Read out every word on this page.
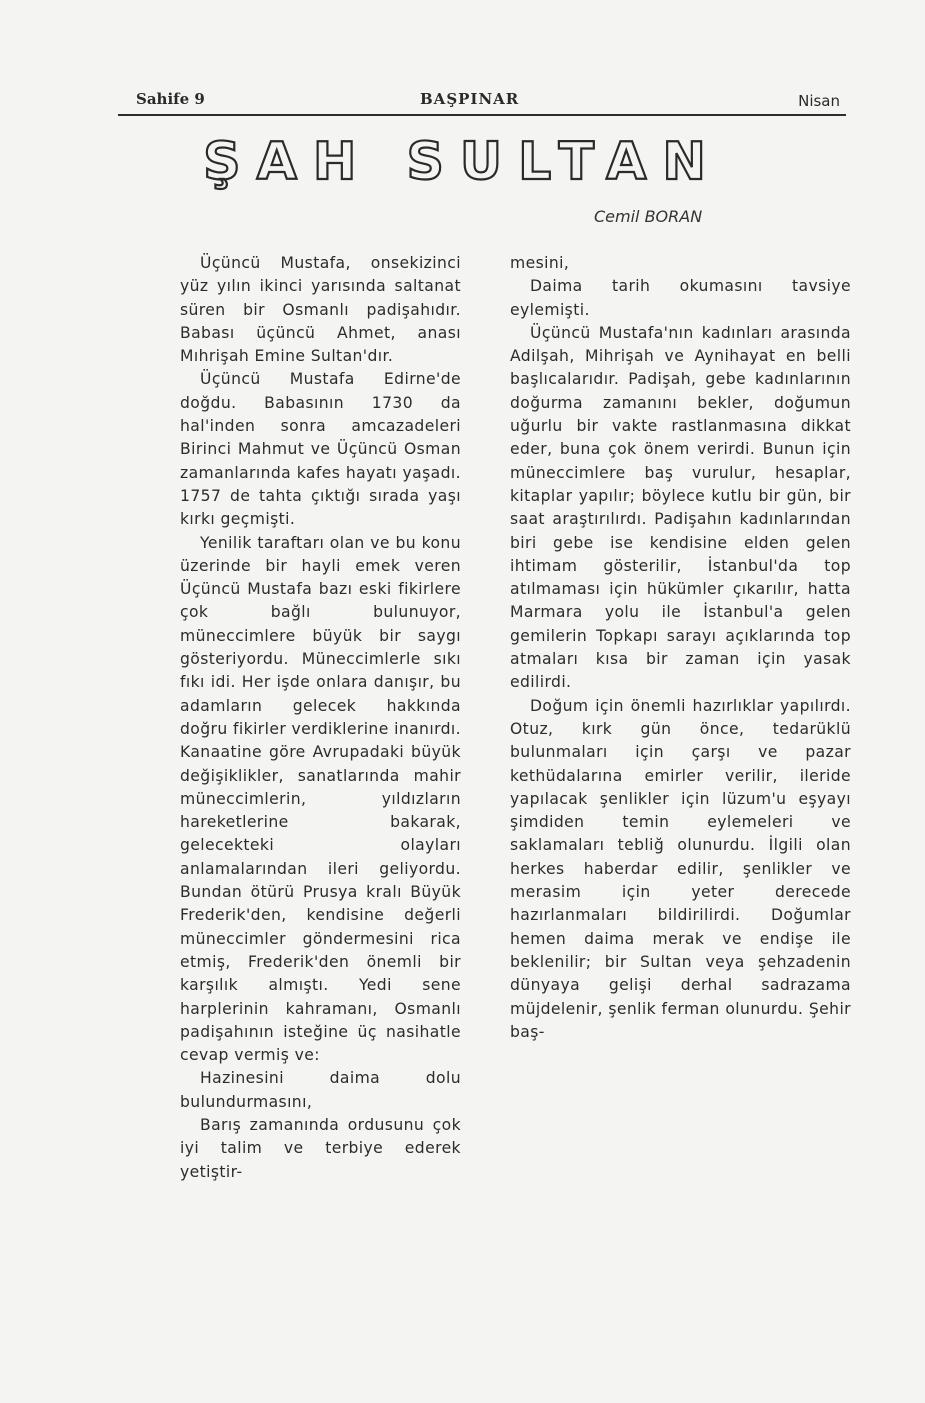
Sahife 9	BAŞPINAR	Nisan
ŞAH SULTAN
Cemil BORAN

Üçüncü Mustafa, onsekizinci yüz yılın ikinci yarısında saltanat süren bir Osmanlı padişahıdır. Babası üçüncü Ahmet, anası Mıhrişah Emine Sultan'dır.

Üçüncü Mustafa Edirne'de doğdu. Babasının 1730 da hal'inden sonra amcazadeleri Birinci Mahmut ve Üçüncü Osman zamanlarında kafes hayatı yaşadı. 1757 de tahta çıktığı sırada yaşı kırkı geçmişti.

Yenilik taraftarı olan ve bu konu üzerinde bir hayli emek veren Üçüncü Mustafa bazı eski fikirlere çok bağlı bulunuyor, müneccimlere büyük bir saygı gösteriyordu. Müneccimlerle sıkı fıkı idi. Her işde onlara danışır, bu adamların gelecek hakkında doğru fikirler verdiklerine inanırdı. Kanaatine göre Avrupadaki büyük değişiklikler, sanatlarında mahir müneccimlerin, yıldızların hareketlerine bakarak, gelecekteki olayları anlamalarından ileri geliyordu. Bundan ötürü Prusya kralı Büyük Frederik'den, kendisine değerli müneccimler göndermesini rica etmiş, Frederik'den önemli bir karşılık almıştı. Yedi sene harplerinin kahramanı, Osmanlı padişahının isteğine üç nasihatle cevap vermiş ve:

Hazinesini daima dolu bulundurmasını,

Barış zamanında ordusunu çok iyi talim ve terbiye ederek yetiştir-

mesini,

Daima tarih okumasını tavsiye eylemişti.

Üçüncü Mustafa'nın kadınları arasında Adilşah, Mihrişah ve Aynihayat en belli başlıcalarıdır. Padişah, gebe kadınlarının doğurma zamanını bekler, doğumun uğurlu bir vakte rastlanmasına dikkat eder, buna çok önem verirdi. Bunun için müneccimlere baş vurulur, hesaplar, kitaplar yapılır; böylece kutlu bir gün, bir saat araştırılırdı. Padişahın kadınlarından biri gebe ise kendisine elden gelen ihtimam gösterilir, İstanbul'da top atılmaması için hükümler çıkarılır, hatta Marmara yolu ile İstanbul'a gelen gemilerin Topkapı sarayı açıklarında top atmaları kısa bir zaman için yasak edilirdi.

Doğum için önemli hazırlıklar yapılırdı. Otuz, kırk gün önce, tedarüklü bulunmaları için çarşı ve pazar kethüdalarına emirler verilir, ileride yapılacak şenlikler için lüzum'u eşyayı şimdiden temin eylemeleri ve saklamaları tebliğ olunurdu. İlgili olan herkes haberdar edilir, şenlikler ve merasim için yeter derecede hazırlanmaları bildirilirdi. Doğumlar hemen daima merak ve endişe ile beklenilir; bir Sultan veya şehzadenin dünyaya gelişi derhal sadrazama müjdelenir, şenlik ferman olunurdu. Şehir baş-
